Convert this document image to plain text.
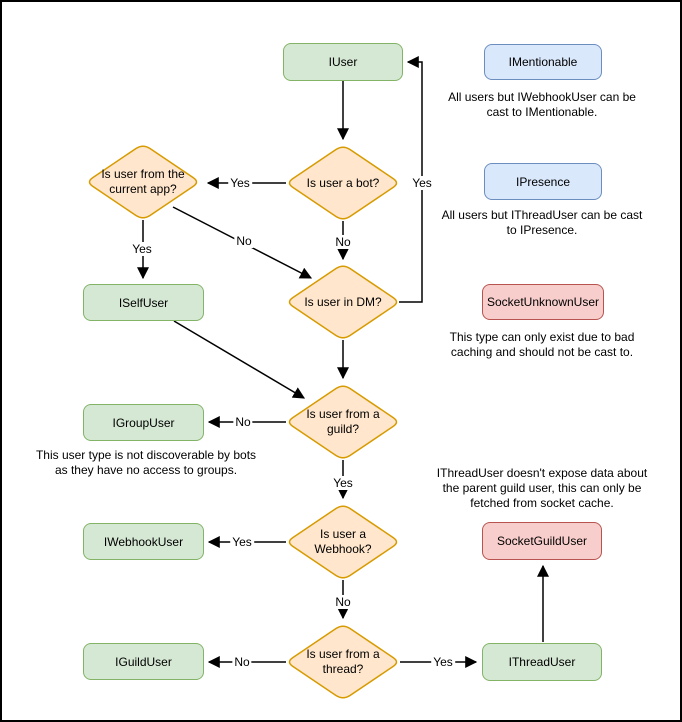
IUser	IMentionable
IPresence
SocketUnknownUser
ISelfUser
IGroupUser
IWebhookUser
IGuildUser
SocketGuildUser
IThreadUser
Is user a bot?
Is user from the current app?
Is user in DM?
Is user from a guild?
Is user a Webhook?
Is user from a thread?
Yes
No
Yes
No
Yes
No
Yes
Yes
No
No	Yes
All users but IWebhookUser can be cast to IMentionable.
All users but IThreadUser can be cast to IPresence.
This type can only exist due to bad caching and should not be cast to.
This user type is not discoverable by bots as they have no access to groups.	IThreadUser doesn't expose data about the parent guild user, this can only be fetched from socket cache.
